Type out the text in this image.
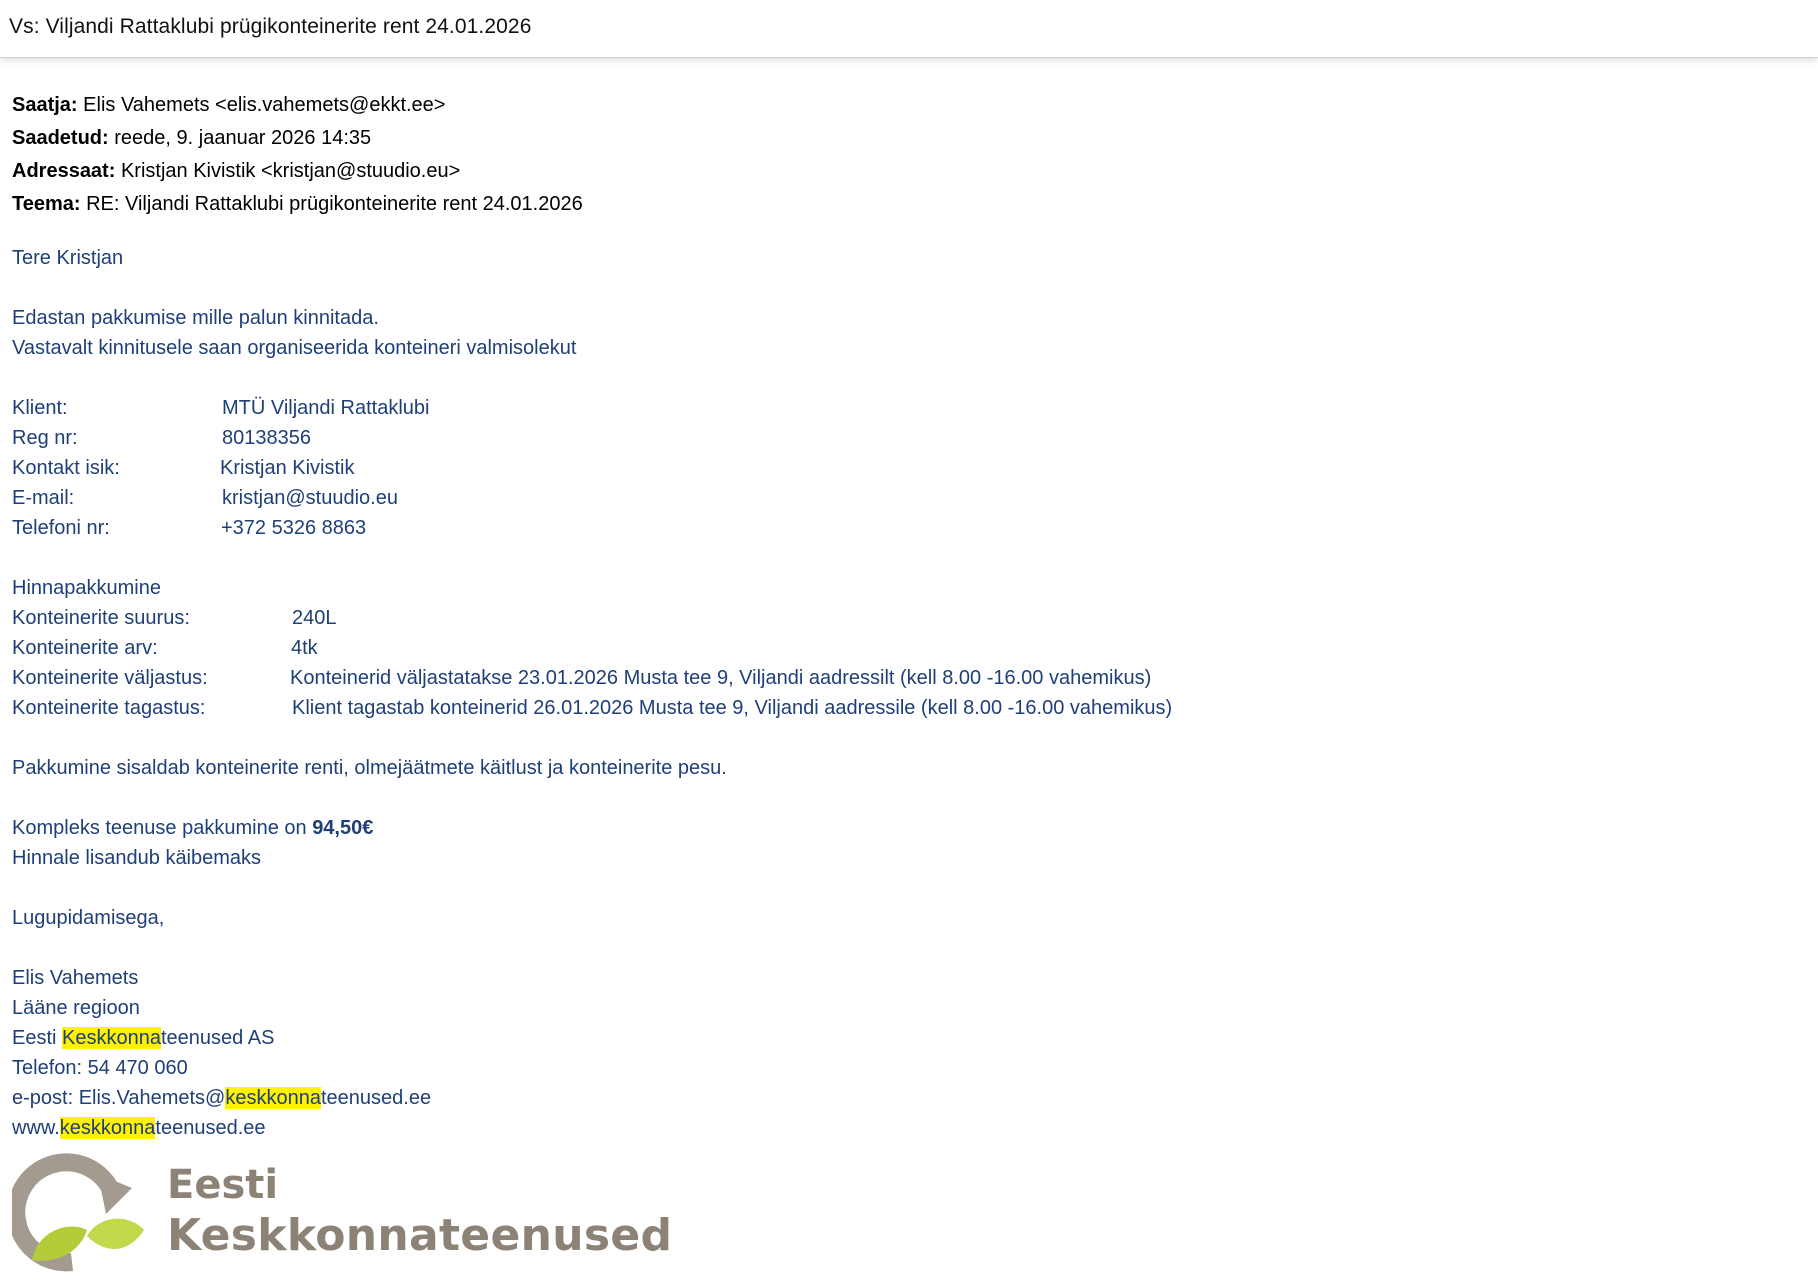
Vs: Viljandi Rattaklubi prügikonteinerite rent 24.01.2026
Saatja: Elis Vahemets <elis.vahemets@ekkt.ee>
Saadetud: reede, 9. jaanuar 2026 14:35
Adressaat: Kristjan Kivistik <kristjan@stuudio.eu>
Teema: RE: Viljandi Rattaklubi prügikonteinerite rent 24.01.2026
Tere Kristjan
Edastan pakkumise mille palun kinnitada.
Vastavalt kinnitusele saan organiseerida konteineri valmisolekut
Klient:	MTÜ Viljandi Rattaklubi
Reg nr:	80138356
Kontakt isik:	Kristjan Kivistik
E-mail:	kristjan@stuudio.eu
Telefoni nr:	+372 5326 8863
Hinnapakkumine
Konteinerite suurus:	240L
Konteinerite arv:	4tk
Konteinerite väljastus:	Konteinerid väljastatakse 23.01.2026 Musta tee 9, Viljandi aadressilt (kell 8.00 -16.00 vahemikus)
Konteinerite tagastus:	Klient tagastab konteinerid 26.01.2026 Musta tee 9, Viljandi aadressile (kell 8.00 -16.00 vahemikus)
Pakkumine sisaldab konteinerite renti, olmejäätmete käitlust ja konteinerite pesu.
Kompleks teenuse pakkumine on 94,50€
Hinnale lisandub käibemaks
Lugupidamisega,
Elis Vahemets
Lääne regioon
Eesti Keskkonnateenused AS
Telefon: 54 470 060
e-post: Elis.Vahemets@keskkonnateenused.ee
www.keskkonnateenused.ee
Eesti
Keskkonnateenused
